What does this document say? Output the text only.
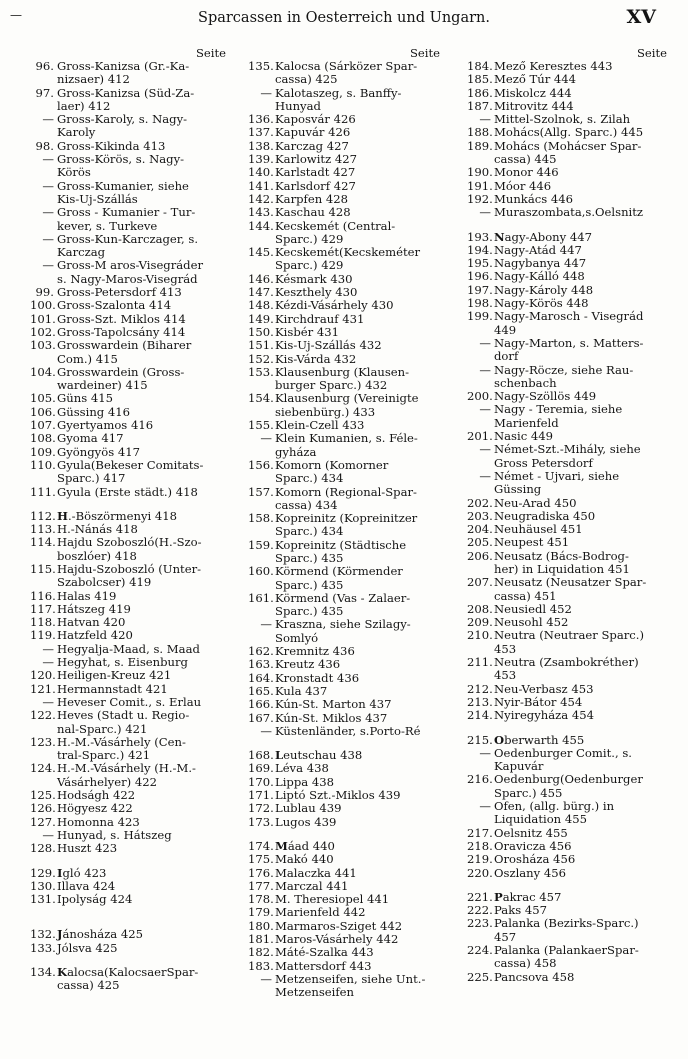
—	Sparcassen in Oesterreich und Ungarn.	XV
Seite
96. Gross-Kanizsa (Gr.-Ka-
nizsaer) 412
97. Gross-Kanizsa (Süd-Za-
laer) 412
— Gross-Karoly, s. Nagy-
Karoly
98. Gross-Kikinda 413
— Gross-Körös, s. Nagy-
Körös
— Gross-Kumanier, siehe
Kis-Uj-Szállás
— Gross - Kumanier - Tur-
kever, s. Turkeve
— Gross-Kun-Karczager, s.
Karczag
— Gross-M aros-Visegráder
s. Nagy-Maros-Visegrád
99. Gross-Petersdorf 413
100. Gross-Szalonta 414
101. Gross-Szt. Miklos 414
102. Gross-Tapolcsány 414
103. Grosswardein (Biharer
Com.) 415
104. Grosswardein (Gross-
wardeiner) 415
105. Güns 415
106. Güssing 416
107. Gyertyamos 416
108. Gyoma 417
109. Gyöngyös 417
110. Gyula(Bekeser Comitats-
Sparc.) 417
111. Gyula (Erste städt.) 418
112. H.-Böszörmenyi 418
113. H.-Nánás 418
114. Hajdu Szoboszló(H.-Szo-
boszlóer) 418
115. Hajdu-Szoboszló (Unter-
Szabolcser) 419
116. Halas 419
117. Hátszeg 419
118. Hatvan 420
119. Hatzfeld 420
— Hegyalja-Maad, s. Maad
— Hegyhat, s. Eisenburg
120. Heiligen-Kreuz 421
121. Hermannstadt 421
— Heveser Comit., s. Erlau
122. Heves (Stadt u. Regio-
nal-Sparc.) 421
123. H.-M.-Vásárhely (Cen-
tral-Sparc.) 421
124. H.-M.-Vásárhely (H.-M.-
Vásárhelyer) 422
125. Hodságh 422
126. Högyesz 422
127. Homonna 423
— Hunyad, s. Hátszeg
128. Huszt 423
129. Igló 423
130. Illava 424
131. Ipolyság 424
132. Jánosháza 425
133. Jólsva 425
134. Kalocsa(KalocsaerSpar-
cassa) 425
Seite
135. Kalocsa (Sárközer Spar-
cassa) 425
— Kalotaszeg, s. Banffy-
Hunyad
136. Kaposvár 426
137. Kapuvár 426
138. Karczag 427
139. Karlowitz 427
140. Karlstadt 427
141. Karlsdorf 427
142. Karpfen 428
143. Kaschau 428
144. Kecskemét (Central-
Sparc.) 429
145. Kecskemét(Kecskeméter
Sparc.) 429
146. Késmark 430
147. Keszthely 430
148. Kézdi-Vásárhely 430
149. Kirchdrauf 431
150. Kisbér 431
151. Kis-Uj-Szállás 432
152. Kis-Várda 432
153. Klausenburg (Klausen-
burger Sparc.) 432
154. Klausenburg (Vereinigte
siebenbürg.) 433
155. Klein-Czell 433
— Klein Kumanien, s. Féle-
gyháza
156. Komorn (Komorner
Sparc.) 434
157. Komorn (Regional-Spar-
cassa) 434
158. Kopreinitz (Kopreinitzer
Sparc.) 434
159. Kopreinitz (Städtische
Sparc.) 435
160. Körmend (Körmender
Sparc.) 435
161. Körmend (Vas - Zalaer-
Sparc.) 435
— Kraszna, siehe Szilagy-
Somlyó
162. Kremnitz 436
163. Kreutz 436
164. Kronstadt 436
165. Kula 437
166. Kún-St. Marton 437
167. Kún-St. Miklos 437
— Küstenländer, s.Porto-Ré
168. Leutschau 438
169. Léva 438
170. Lippa 438
171. Liptó Szt.-Miklos 439
172. Lublau 439
173. Lugos 439
174. Máad 440
175. Makó 440
176. Malaczka 441
177. Marczal 441
178. M. Theresiopel 441
179. Marienfeld 442
180. Marmaros-Sziget 442
181. Maros-Vásárhely 442
182. Máté-Szalka 443
183. Mattersdorf 443
— Metzenseifen, siehe Unt.-
Metzenseifen
Seite
184. Mező Keresztes 443
185. Mező Túr 444
186. Miskolcz 444
187. Mitrovitz 444
— Mittel-Szolnok, s. Zilah
188. Mohács(Allg. Sparc.) 445
189. Mohács (Mohácser Spar-
cassa) 445
190. Monor 446
191. Móor 446
192. Munkács 446
— Muraszombata,s.Oelsnitz
193. Nagy-Abony 447
194. Nagy-Atád 447
195. Nagybanya 447
196. Nagy-Kálló 448
197. Nagy-Károly 448
198. Nagy-Körös 448
199. Nagy-Marosch - Visegrád
449
— Nagy-Marton, s. Matters-
dorf
— Nagy-Röcze, siehe Rau-
schenbach
200. Nagy-Szöllös 449
— Nagy - Teremia, siehe
Marienfeld
201. Nasic 449
— Német-Szt.-Mihály, siehe
Gross Petersdorf
— Német - Ujvari, siehe
Güssing
202. Neu-Arad 450
203. Neugradiska 450
204. Neuhäusel 451
205. Neupest 451
206. Neusatz (Bács-Bodrog-
her) in Liquidation 451
207. Neusatz (Neusatzer Spar-
cassa) 451
208. Neusiedl 452
209. Neusohl 452
210. Neutra (Neutraer Sparc.)
453
211. Neutra (Zsambokréther)
453
212. Neu-Verbasz 453
213. Nyir-Bátor 454
214. Nyiregyháza 454
215. Oberwarth 455
— Oedenburger Comit., s.
Kapuvár
216. Oedenburg(Oedenburger
Sparc.) 455
— Ofen, (allg. bürg.) in
Liquidation 455
217. Oelsnitz 455
218. Oravicza 456
219. Orosháza 456
220. Oszlany 456
221. Pakrac 457
222. Paks 457
223. Palanka (Bezirks-Sparc.)
457
224. Palanka (PalankaerSpar-
cassa) 458
225. Pancsova 458
